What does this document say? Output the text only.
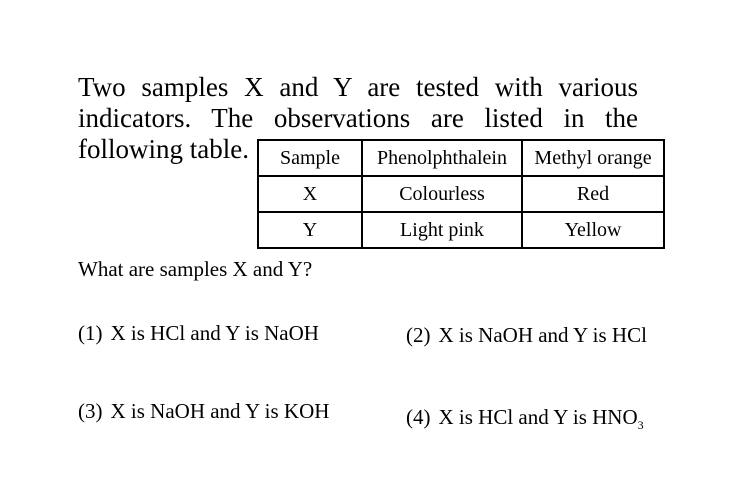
Two samples X and Y are tested with various
indicators. The observations are listed in the
following table.	Sample	Phenolphthalein	Methyl orange
X	Colourless	Red
Y	Light pink	Yellow
What are samples X and Y?
(1) X is HCl and Y is NaOH	(2) X is NaOH and Y is HCl
(3) X is NaOH and Y is KOH	(4) X is HCl and Y is $HNO_3$
